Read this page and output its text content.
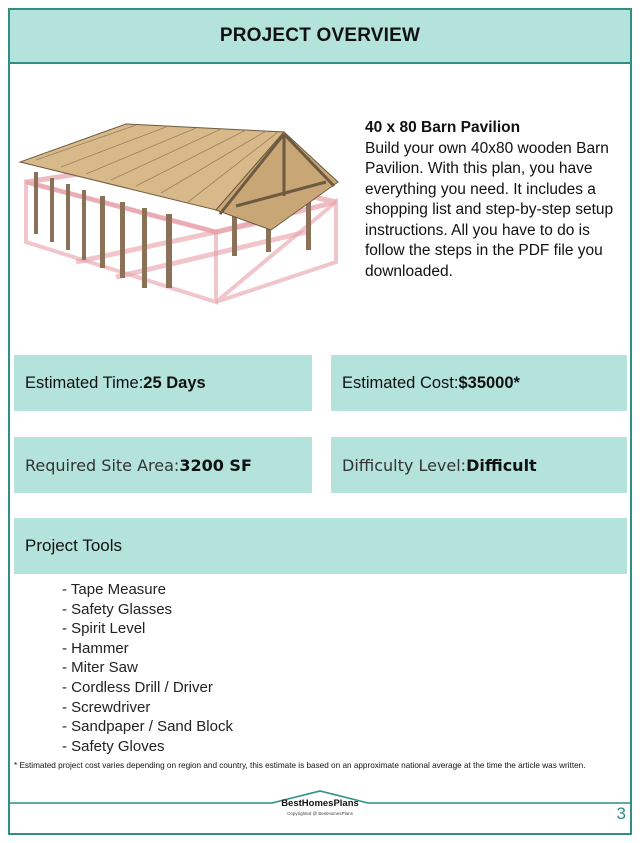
PROJECT OVERVIEW
40 x 80 Barn Pavilion
Build your own 40x80 wooden Barn Pavilion. With this plan, you have everything you need. It includes a shopping list and step-by-step setup instructions. All you have to do is follow the steps in the PDF file you downloaded.
Estimated Time: 25 Days	Estimated Cost: $35000*
Required Site Area: 3200 SF	Difficulty Level: Difficult
Project Tools
- Tape Measure
- Safety Glasses
- Spirit Level
- Hammer
- Miter Saw
- Cordless Drill / Driver
- Screwdriver
- Sandpaper / Sand Block
- Safety Gloves
* Estimated project cost varies depending on region and country, this estimate is based on an approximate national average at the time the article was written.
BestHomesPlans
Copyrighted @ BestHomesPlans	3
